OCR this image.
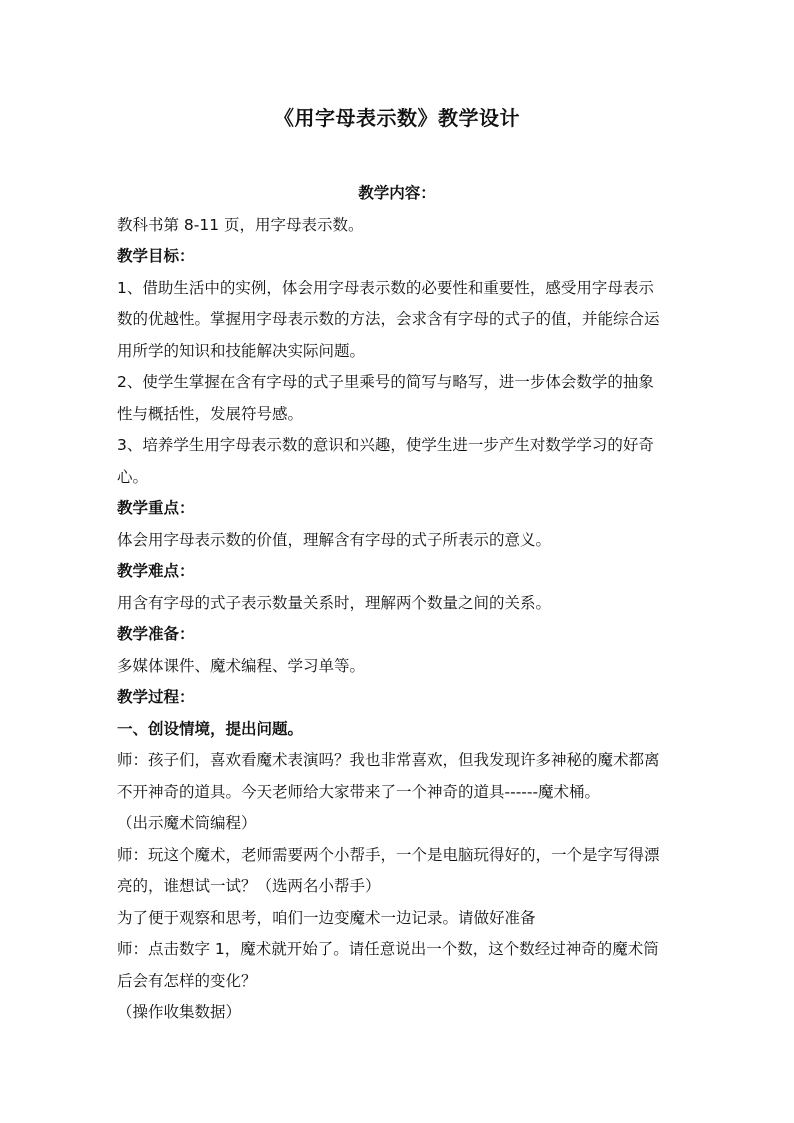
《用字母表示数》教学设计
教学内容：
教科书第 8-11 页，用字母表示数。
教学目标：
1、借助生活中的实例，体会用字母表示数的必要性和重要性，感受用字母表示
数的优越性。掌握用字母表示数的方法，会求含有字母的式子的值，并能综合运
用所学的知识和技能解决实际问题。
2、使学生掌握在含有字母的式子里乘号的简写与略写，进一步体会数学的抽象
性与概括性，发展符号感。
3、培养学生用字母表示数的意识和兴趣，使学生进一步产生对数学学习的好奇
心。
教学重点：
体会用字母表示数的价值，理解含有字母的式子所表示的意义。
教学难点：
用含有字母的式子表示数量关系时，理解两个数量之间的关系。
教学准备：
多媒体课件、魔术编程、学习单等。
教学过程：
一、创设情境，提出问题。
师：孩子们，喜欢看魔术表演吗？我也非常喜欢，但我发现许多神秘的魔术都离
不开神奇的道具。今天老师给大家带来了一个神奇的道具------魔术桶。
（出示魔术筒编程）
师：玩这个魔术，老师需要两个小帮手，一个是电脑玩得好的，一个是字写得漂
亮的，谁想试一试？（选两名小帮手）
为了便于观察和思考，咱们一边变魔术一边记录。请做好准备
师：点击数字 1，魔术就开始了。请任意说出一个数，这个数经过神奇的魔术筒
后会有怎样的变化？
（操作收集数据）
